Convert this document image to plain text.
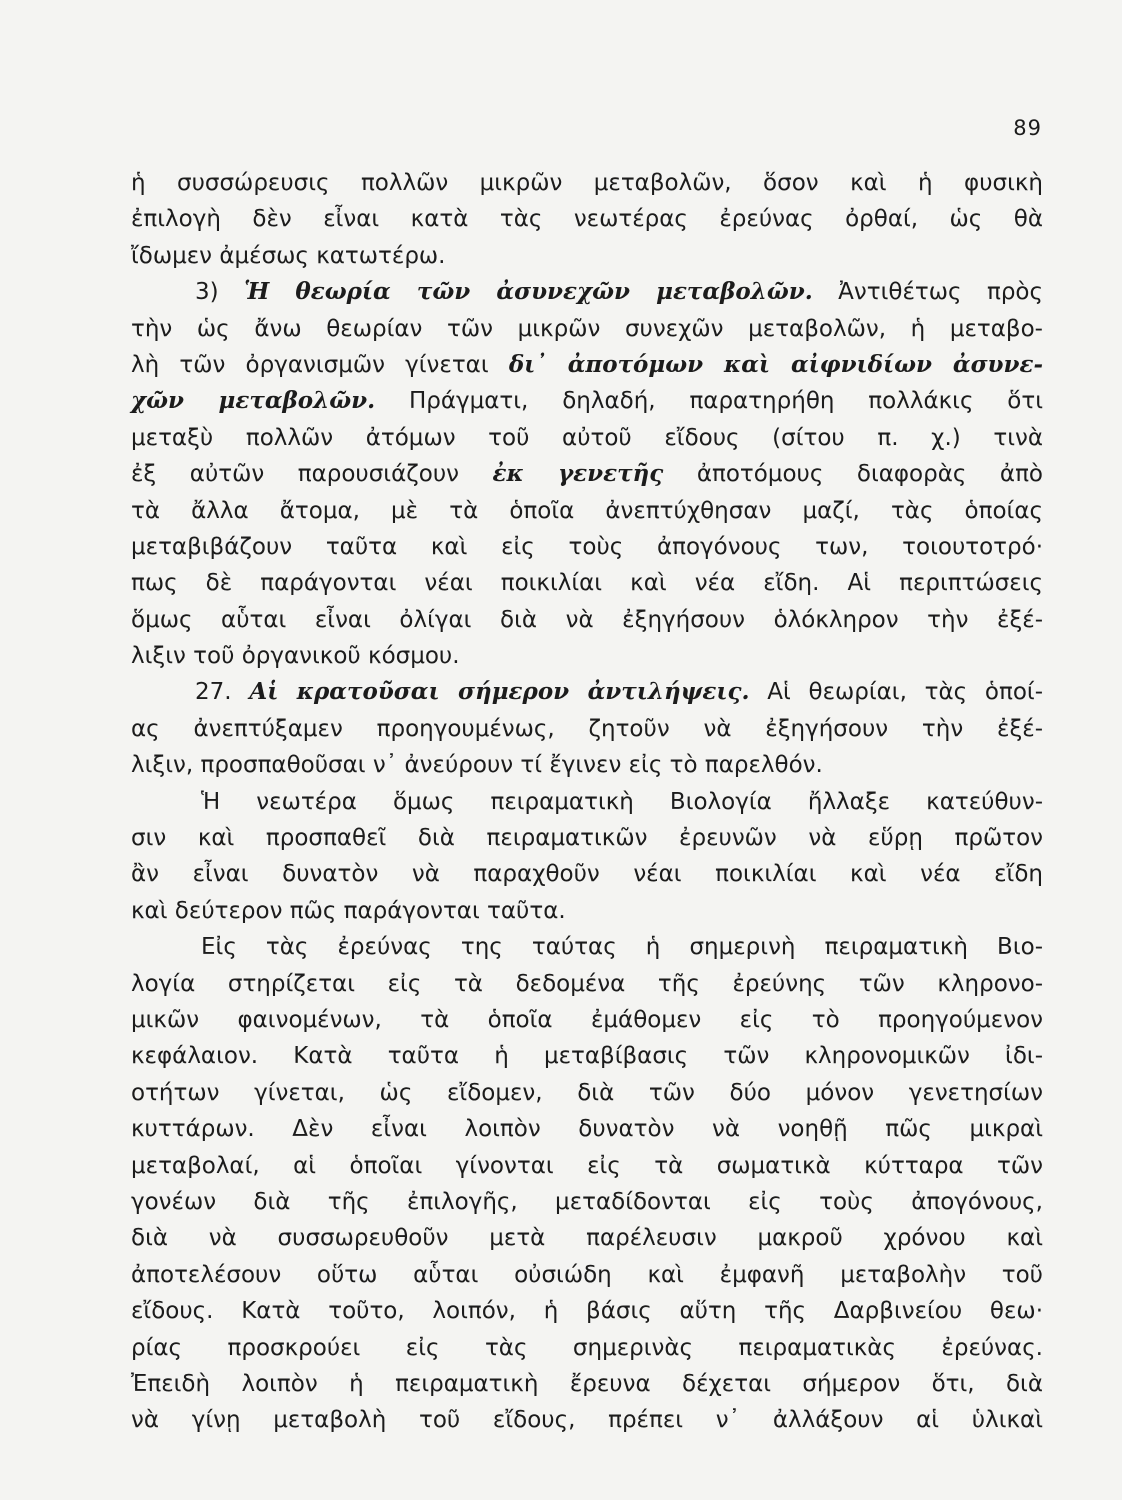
89
ἡ συσσώρευσις πολλῶν μικρῶν μεταβολῶν, ὅσον καὶ ἡ φυσικὴ
ἐπιλογὴ δὲν εἶναι κατὰ τὰς νεωτέρας ἐρεύνας ὀρθαί, ὡς θὰ
ἴδωμεν ἀμέσως κατωτέρω.
3) Ἡ θεωρία τῶν ἀσυνεχῶν μεταβολῶν. Ἀντιθέτως πρὸς
τὴν ὡς ἄνω θεωρίαν τῶν μικρῶν συνεχῶν μεταβολῶν, ἡ μεταβο-
λὴ τῶν ὀργανισμῶν γίνεται δι᾽ ἀποτόμων καὶ αἰφνιδίων ἀσυνε-
χῶν μεταβολῶν. Πράγματι, δηλαδή, παρατηρήθη πολλάκις ὅτι
μεταξὺ πολλῶν ἀτόμων τοῦ αὐτοῦ εἴδους (σίτου π. χ.) τινὰ
ἐξ αὐτῶν παρουσιάζουν ἐκ γενετῆς ἀποτόμους διαφορὰς ἀπὸ
τὰ ἄλλα ἄτομα, μὲ τὰ ὁποῖα ἀνεπτύχθησαν μαζί, τὰς ὁποίας
μεταβιβάζουν ταῦτα καὶ εἰς τοὺς ἀπογόνους των, τοιουτοτρό·
πως δὲ παράγονται νέαι ποικιλίαι καὶ νέα εἴδη. Αἱ περιπτώσεις
ὅμως αὗται εἶναι ὀλίγαι διὰ νὰ ἐξηγήσουν ὁλόκληρον τὴν ἐξέ-
λιξιν τοῦ ὀργανικοῦ κόσμου.
27. Αἱ κρατοῦσαι σήμερον ἀντιλήψεις. Αἱ θεωρίαι, τὰς ὁποί-
ας ἀνεπτύξαμεν προηγουμένως, ζητοῦν νὰ ἐξηγήσουν τὴν ἐξέ-
λιξιν, προσπαθοῦσαι ν᾽ ἀνεύρουν τί ἔγινεν εἰς τὸ παρελθόν.
Ἡ νεωτέρα ὅμως πειραματικὴ Βιολογία ἤλλαξε κατεύθυν-
σιν καὶ προσπαθεῖ διὰ πειραματικῶν ἐρευνῶν νὰ εὕρῃ πρῶτον
ἂν εἶναι δυνατὸν νὰ παραχθοῦν νέαι ποικιλίαι καὶ νέα εἴδη
καὶ δεύτερον πῶς παράγονται ταῦτα.
Εἰς τὰς ἐρεύνας της ταύτας ἡ σημερινὴ πειραματικὴ Βιο-
λογία στηρίζεται εἰς τὰ δεδομένα τῆς ἐρεύνης τῶν κληρονο-
μικῶν φαινομένων, τὰ ὁποῖα ἐμάθομεν εἰς τὸ προηγούμενον
κεφάλαιον. Κατὰ ταῦτα ἡ μεταβίβασις τῶν κληρονομικῶν ἰδι-
οτήτων γίνεται, ὡς εἴδομεν, διὰ τῶν δύο μόνον γενετησίων
κυττάρων. Δὲν εἶναι λοιπὸν δυνατὸν νὰ νοηθῇ πῶς μικραὶ
μεταβολαί, αἱ ὁποῖαι γίνονται εἰς τὰ σωματικὰ κύτταρα τῶν
γονέων διὰ τῆς ἐπιλογῆς, μεταδίδονται εἰς τοὺς ἀπογόνους,
διὰ νὰ συσσωρευθοῦν μετὰ παρέλευσιν μακροῦ χρόνου καὶ
ἀποτελέσουν οὕτω αὗται οὐσιώδη καὶ ἐμφανῆ μεταβολὴν τοῦ
εἴδους. Κατὰ τοῦτο, λοιπόν, ἡ βάσις αὕτη τῆς Δαρβινείου θεω·
ρίας προσκρούει εἰς τὰς σημερινὰς πειραματικὰς ἐρεύνας.
Ἐπειδὴ λοιπὸν ἡ πειραματικὴ ἔρευνα δέχεται σήμερον ὅτι, διὰ
νὰ γίνῃ μεταβολὴ τοῦ εἴδους, πρέπει ν᾽ ἀλλάξουν αἱ ὑλικαὶ
